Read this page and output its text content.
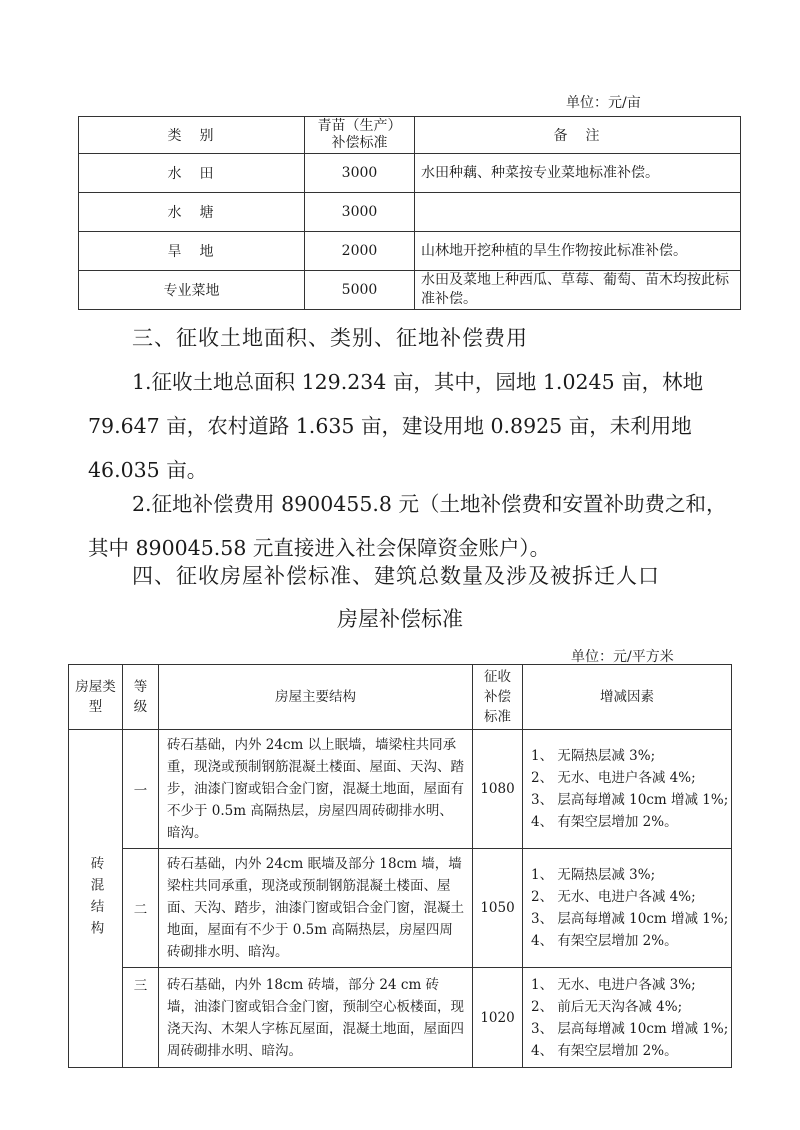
单位：元/亩
类　别	青苗（生产）补偿标准	备　注
水　田	3000	水田种藕、种菜按专业菜地标准补偿。
水　塘	3000	
旱　地	2000	山林地开挖种植的旱生作物按此标准补偿。
专业菜地	5000	水田及菜地上种西瓜、草莓、葡萄、苗木均按此标准补偿。
三、征收土地面积、类别、征地补偿费用
1.征收土地总面积 129.234 亩，其中，园地 1.0245 亩，林地 79.647 亩，农村道路 1.635 亩，建设用地 0.8925 亩，未利用地 46.035 亩。
2.征地补偿费用 8900455.8 元（土地补偿费和安置补助费之和，其中 890045.58 元直接进入社会保障资金账户）。
四、征收房屋补偿标准、建筑总数量及涉及被拆迁人口
房屋补偿标准
单位：元/平方米
房屋类型	等级	房屋主要结构	征收补偿标准	增减因素

砖混结构	一	砖石基础，内外 24cm 以上眠墙，墙梁柱共同承重，现浇或预制钢筋混凝土楼面、屋面、天沟、踏步，油漆门窗或铝合金门窗，混凝土地面，屋面有不少于 0.5m 高隔热层，房屋四周砖砌排水明、暗沟。	1080	1、 无隔热层减 3%;
2、 无水、电进户各减 4%;
3、 层高每增减 10cm 增减 1%;
4、 有架空层增加 2%。

	二	砖石基础，内外 24cm 眠墙及部分 18cm 墙，墙梁柱共同承重，现浇或预制钢筋混凝土楼面、屋面、天沟、踏步，油漆门窗或铝合金门窗，混凝土地面，屋面有不少于 0.5m 高隔热层，房屋四周砖砌排水明、暗沟。	1050	1、 无隔热层减 3%;
2、 无水、电进户各减 4%;
3、 层高每增减 10cm 增减 1%;
4、 有架空层增加 2%。

	三	砖石基础，内外 18cm 砖墙，部分 24 cm 砖墙，油漆门窗或铝合金门窗，预制空心板楼面，现浇天沟、木架人字栋瓦屋面，混凝土地面，屋面四周砖砌排水明、暗沟。	1020	1、 无水、电进户各减 3%;
2、 前后无天沟各减 4%;
3、 层高每增减 10cm 增减 1%;
4、 有架空层增加 2%。
